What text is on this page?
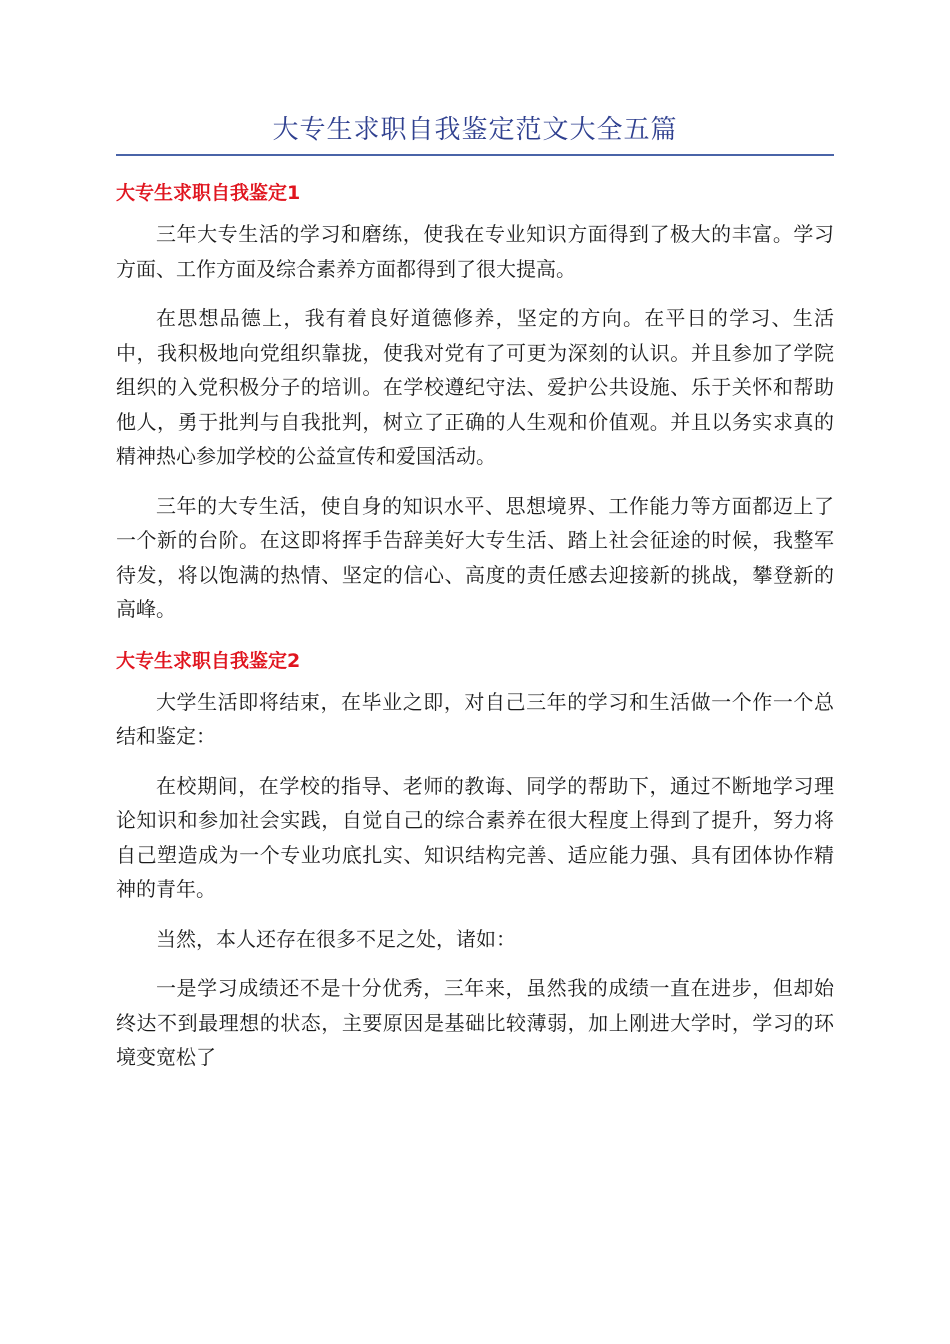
大专生求职自我鉴定范文大全五篇
大专生求职自我鉴定1

三年大专生活的学习和磨练，使我在专业知识方面得到了极大的丰富。学习方面、工作方面及综合素养方面都得到了很大提高。

在思想品德上，我有着良好道德修养，坚定的方向。在平日的学习、生活中，我积极地向党组织靠拢，使我对党有了可更为深刻的认识。并且参加了学院组织的入党积极分子的培训。在学校遵纪守法、爱护公共设施、乐于关怀和帮助他人，勇于批判与自我批判，树立了正确的人生观和价值观。并且以务实求真的精神热心参加学校的公益宣传和爱国活动。

三年的大专生活，使自身的知识水平、思想境界、工作能力等方面都迈上了一个新的台阶。在这即将挥手告辞美好大专生活、踏上社会征途的时候，我整军待发，将以饱满的热情、坚定的信心、高度的责任感去迎接新的挑战，攀登新的高峰。

大专生求职自我鉴定2

大学生活即将结束，在毕业之即，对自己三年的学习和生活做一个作一个总结和鉴定：

在校期间，在学校的指导、老师的教诲、同学的帮助下，通过不断地学习理论知识和参加社会实践，自觉自己的综合素养在很大程度上得到了提升，努力将自己塑造成为一个专业功底扎实、知识结构完善、适应能力强、具有团体协作精神的青年。

当然，本人还存在很多不足之处，诸如：

一是学习成绩还不是十分优秀，三年来，虽然我的成绩一直在进步，但却始终达不到最理想的状态，主要原因是基础比较薄弱，加上刚进大学时，学习的环境变宽松了
